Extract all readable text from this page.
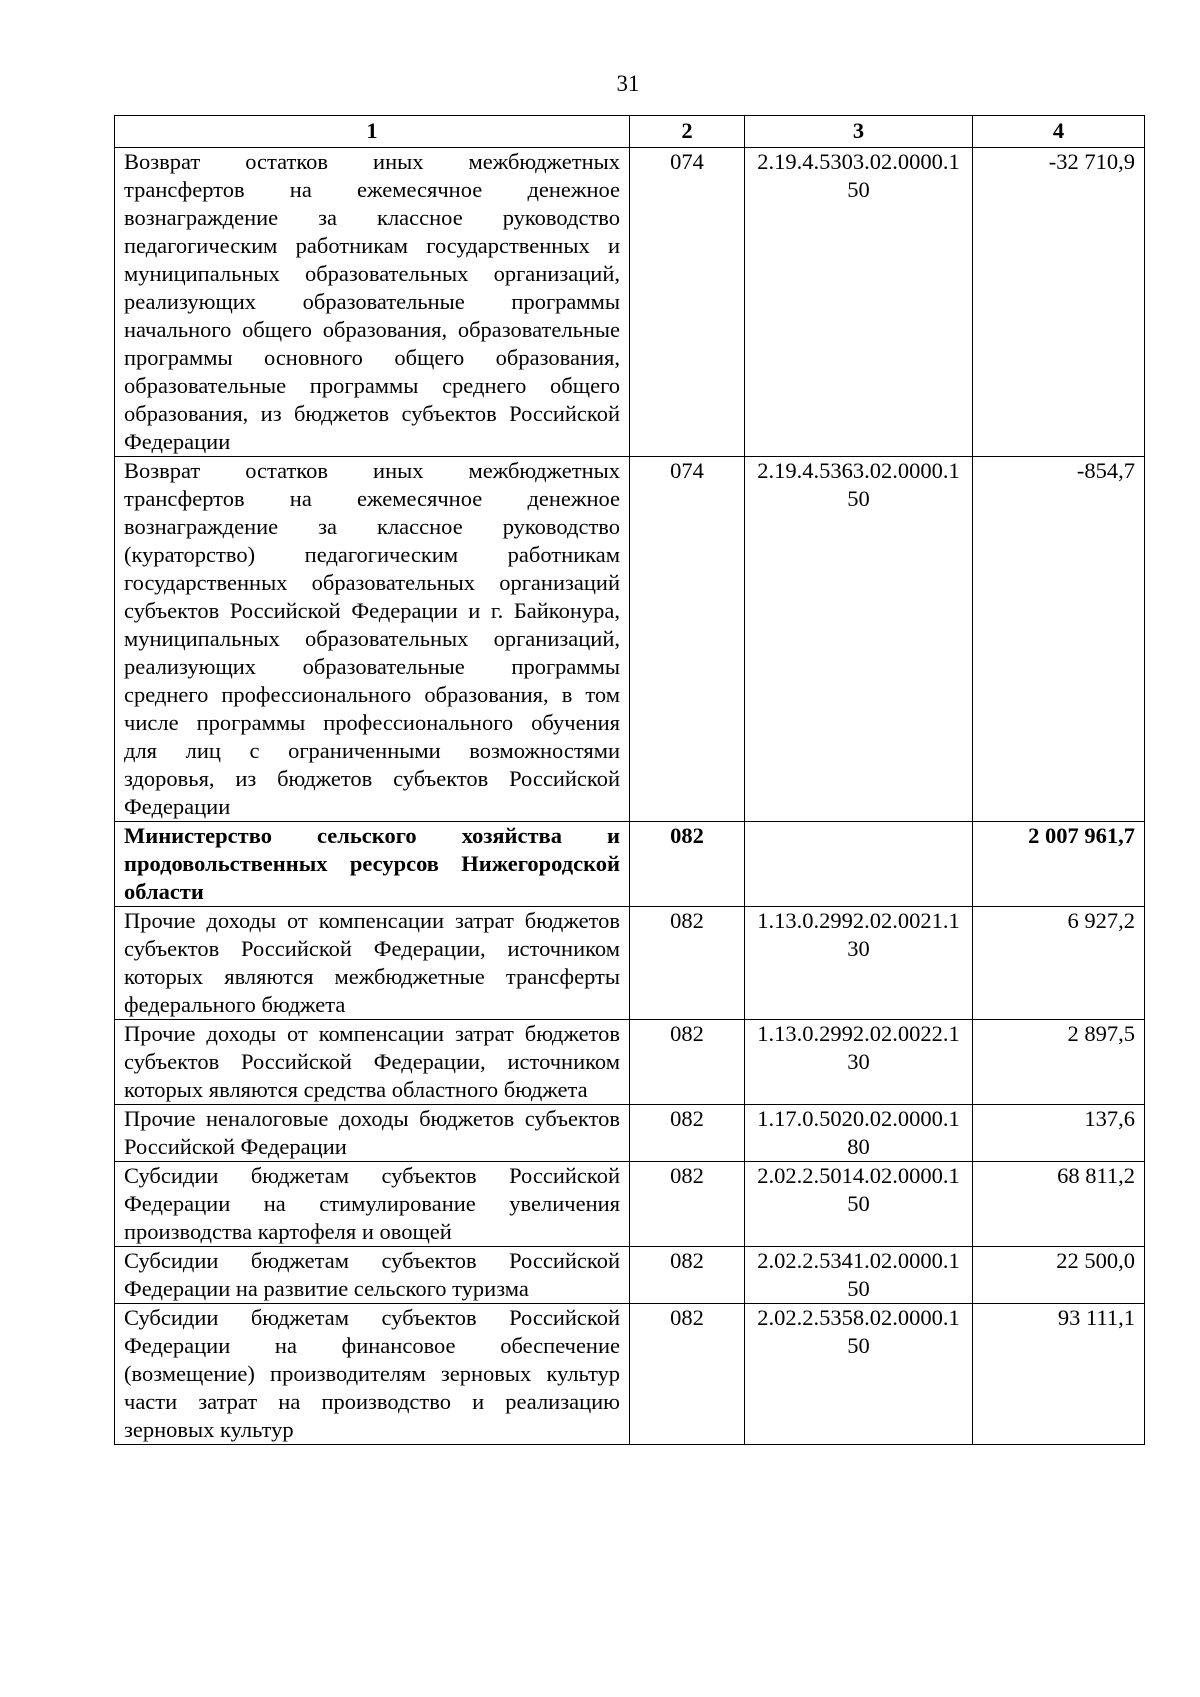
31
1	2	3	4
Возврат остатков иных межбюджетных трансфертов на ежемесячное денежное вознаграждение за классное руководство педагогическим работникам государственных и муниципальных образовательных организаций, реализующих образовательные программы начального общего образования, образовательные программы основного общего образования, образовательные программы среднего общего образования, из бюджетов субъектов Российской Федерации	074	2.19.4.5303.02.0000.150	-32 710,9
Возврат остатков иных межбюджетных трансфертов на ежемесячное денежное вознаграждение за классное руководство (кураторство) педагогическим работникам государственных образовательных организаций субъектов Российской Федерации и г. Байконура, муниципальных образовательных организаций, реализующих образовательные программы среднего профессионального образования, в том числе программы профессионального обучения для лиц с ограниченными возможностями здоровья, из бюджетов субъектов Российской Федерации	074	2.19.4.5363.02.0000.150	-854,7
Министерство сельского хозяйства и продовольственных ресурсов Нижегородской области	082		2 007 961,7
Прочие доходы от компенсации затрат бюджетов субъектов Российской Федерации, источником которых являются межбюджетные трансферты федерального бюджета	082	1.13.0.2992.02.0021.130	6 927,2
Прочие доходы от компенсации затрат бюджетов субъектов Российской Федерации, источником которых являются средства областного бюджета	082	1.13.0.2992.02.0022.130	2 897,5
Прочие неналоговые доходы бюджетов субъектов Российской Федерации	082	1.17.0.5020.02.0000.180	137,6
Субсидии бюджетам субъектов Российской Федерации на стимулирование увеличения производства картофеля и овощей	082	2.02.2.5014.02.0000.150	68 811,2
Субсидии бюджетам субъектов Российской Федерации на развитие сельского туризма	082	2.02.2.5341.02.0000.150	22 500,0
Субсидии бюджетам субъектов Российской Федерации на финансовое обеспечение (возмещение) производителям зерновых культур части затрат на производство и реализацию зерновых культур	082	2.02.2.5358.02.0000.150	93 111,1
